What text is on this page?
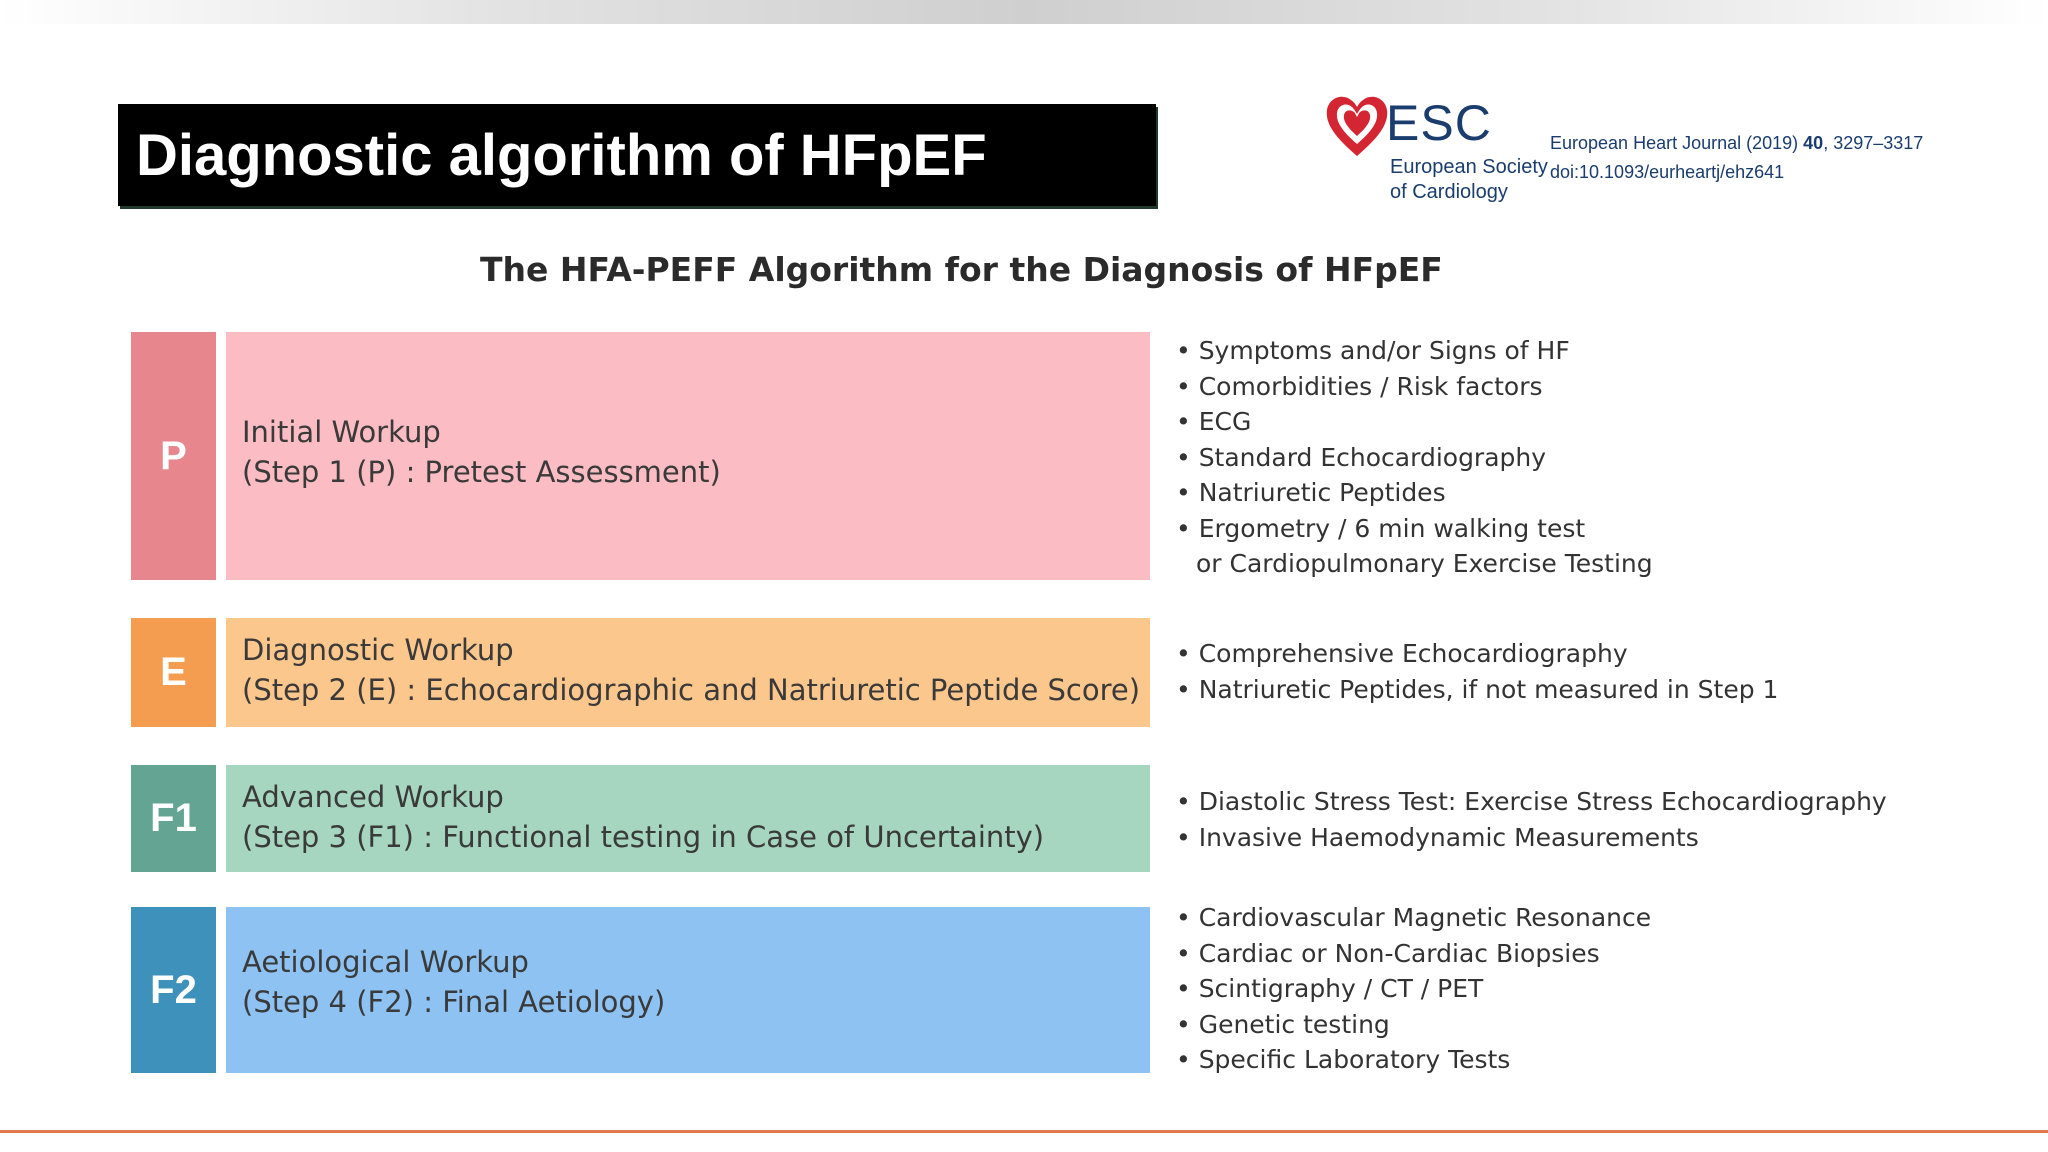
Diagnostic algorithm of HFpEF	ESC
European Society
of Cardiology
European Heart Journal (2019) 40, 3297–3317
doi:10.1093/eurheartj/ehz641
The HFA-PEFF Algorithm for the Diagnosis of HFpEF
P
Initial Workup
(Step 1 (P) : Pretest Assessment)
• Symptoms and/or Signs of HF
• Comorbidities / Risk factors
• ECG
• Standard Echocardiography
• Natriuretic Peptides
• Ergometry / 6 min walking test
or Cardiopulmonary Exercise Testing
E	Diagnostic Workup
(Step 2 (E) : Echocardiographic and Natriuretic Peptide Score)
• Comprehensive Echocardiography
• Natriuretic Peptides, if not measured in Step 1
F1	Advanced Workup
(Step 3 (F1) : Functional testing in Case of Uncertainty)
• Diastolic Stress Test: Exercise Stress Echocardiography
• Invasive Haemodynamic Measurements
F2
Aetiological Workup
(Step 4 (F2) : Final Aetiology)
• Cardiovascular Magnetic Resonance
• Cardiac or Non-Cardiac Biopsies
• Scintigraphy / CT / PET
• Genetic testing
• Specific Laboratory Tests
